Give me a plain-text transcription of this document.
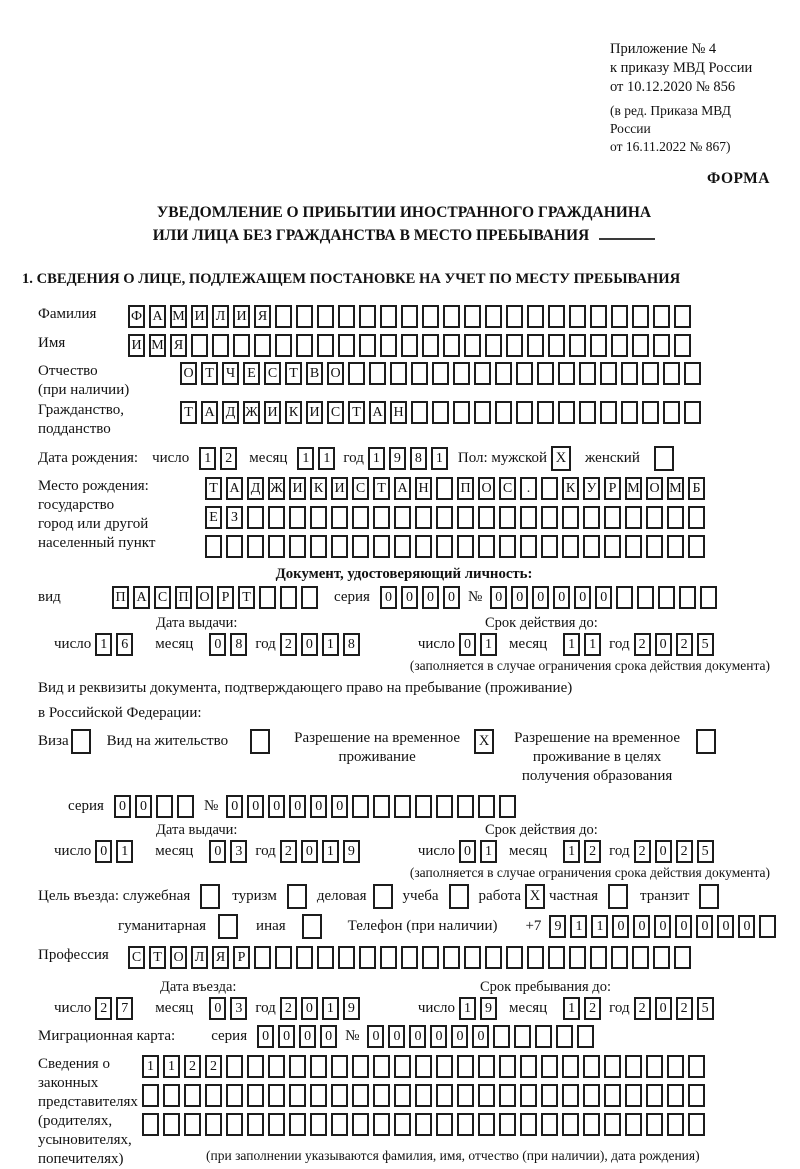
Приложение № 4
к приказу МВД России
от 10.12.2020 № 856
(в ред. Приказа МВД России
от 16.11.2022 № 867)
ФОРМА
УВЕДОМЛЕНИЕ О ПРИБЫТИИ ИНОСТРАННОГО ГРАЖДАНИНА
ИЛИ ЛИЦА БЕЗ ГРАЖДАНСТВА В МЕСТО ПРЕБЫВАНИЯ
1. СВЕДЕНИЯ О ЛИЦЕ, ПОДЛЕЖАЩЕМ ПОСТАНОВКЕ НА УЧЕТ ПО МЕСТУ ПРЕБЫВАНИЯ
Фамилия	Ф А М И Л И Я
Имя	И М Я
Отчество
(при наличии)
О Т Ч Е С Т В О
Гражданство,
подданство
Т А Д Ж И К И С Т А Н
Дата рождения: число	1	2	месяц	1	1 год 1	9	8	1	Пол: мужской X	женский
Место рождения:
государство
город или другой
населенный пункт
Т А Д Ж И К И С Т А Н П О С	.	К У Р М О М Б
Е З
Документ, удостоверяющий личность:
вид	П А С П О Р Т	серия	0	0	0	0 № 0	0	0	0	0	0
Дата выдачи:	Срок действия до:
число 1	6	месяц	0	8 год 2	0	1	8	число 0	1	месяц	1	1 год 2	0	2	5
(заполняется в случае ограничения срока действия документа)
Вид и реквизиты документа, подтверждающего право на пребывание (проживание)
в Российской Федерации:
Виза	Вид на жительство	Разрешение на временное
проживание
X	Разрешение на временное
проживание в целях
получения образования
серия	0	0	№ 0	0	0	0	0	0
Дата выдачи:	Срок действия до:
число 0	1	месяц	0	3 год 2	0	1	9	число 0	1	месяц	1	2 год 2	0	2	5
(заполняется в случае ограничения срока действия документа)
Цель въезда: служебная	туризм	деловая учеба	работа X частная	транзит
гуманитарная	иная	Телефон (при наличии) +7 9	1	1	0	0	0	0	0	0	0
Профессия	С Т О Л Я Р
Дата въезда:	Срок пребывания до:
число 2	7	месяц	0	3 год 2	0	1	9	число 1	9	месяц	1	2 год 2	0	2	5
Миграционная карта: серия	0	0	0	0 № 0	0	0	0	0	0
Сведения о
законных
представителях
(родителях,
усыновителях,
попечителях)
1	1	2	2
(при заполнении указываются фамилия, имя, отчество (при наличии), дата рождения)
